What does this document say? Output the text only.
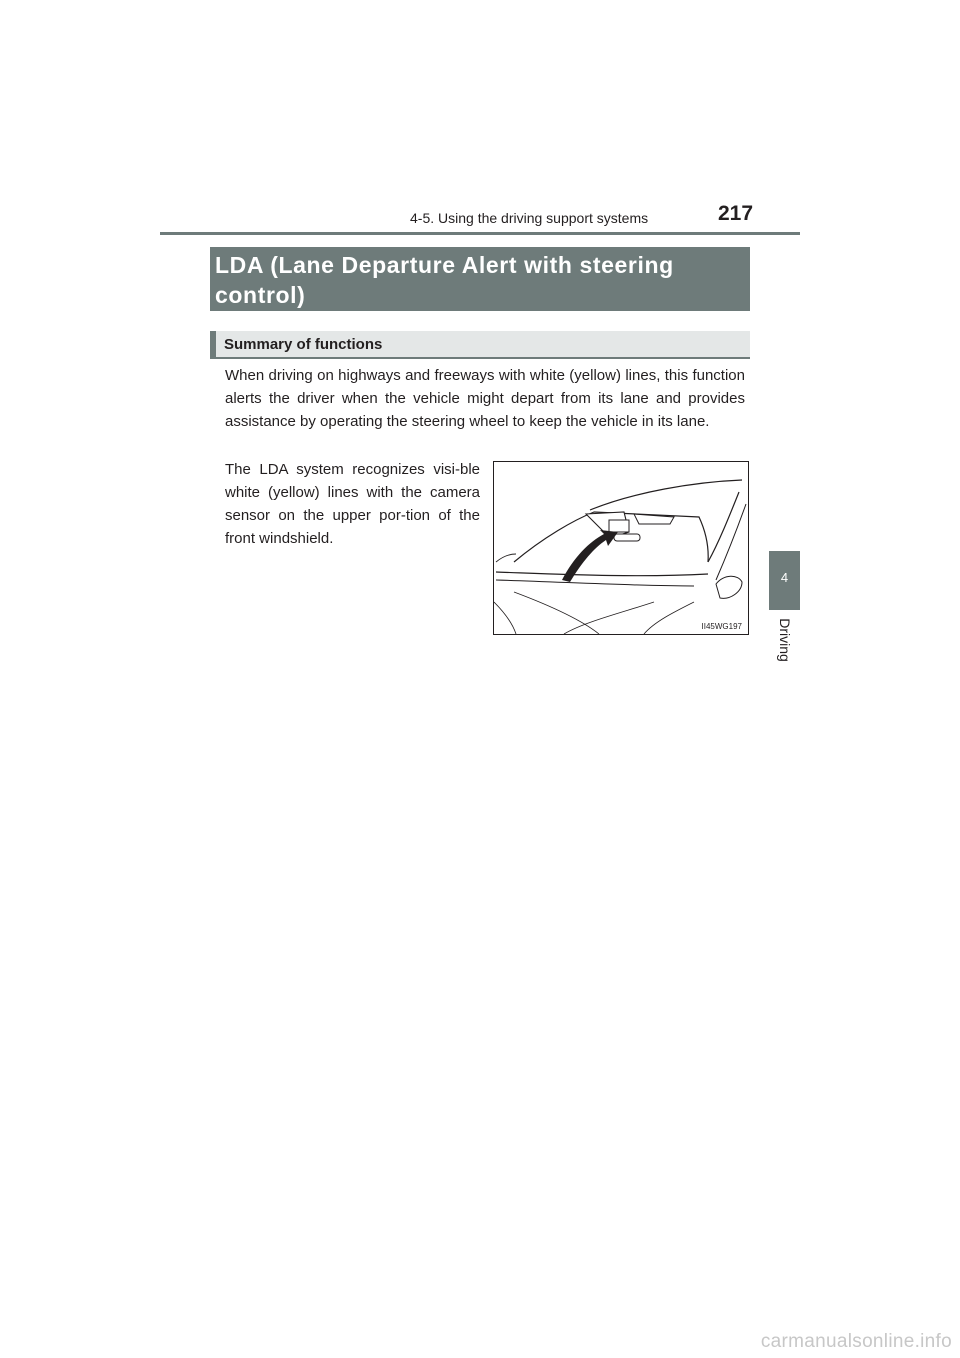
4-5. Using the driving support systems	217
4
Driving
LDA (Lane Departure Alert with steering control)
Summary of functions
When driving on highways and freeways with white (yellow) lines, this function alerts the driver when the vehicle might depart from its lane and provides assistance by operating the steering wheel to keep the vehicle in its lane.
The LDA system recognizes visi-ble white (yellow) lines with the camera sensor on the upper por-tion of the front windshield.
II45WG197
carmanualsonline.info
